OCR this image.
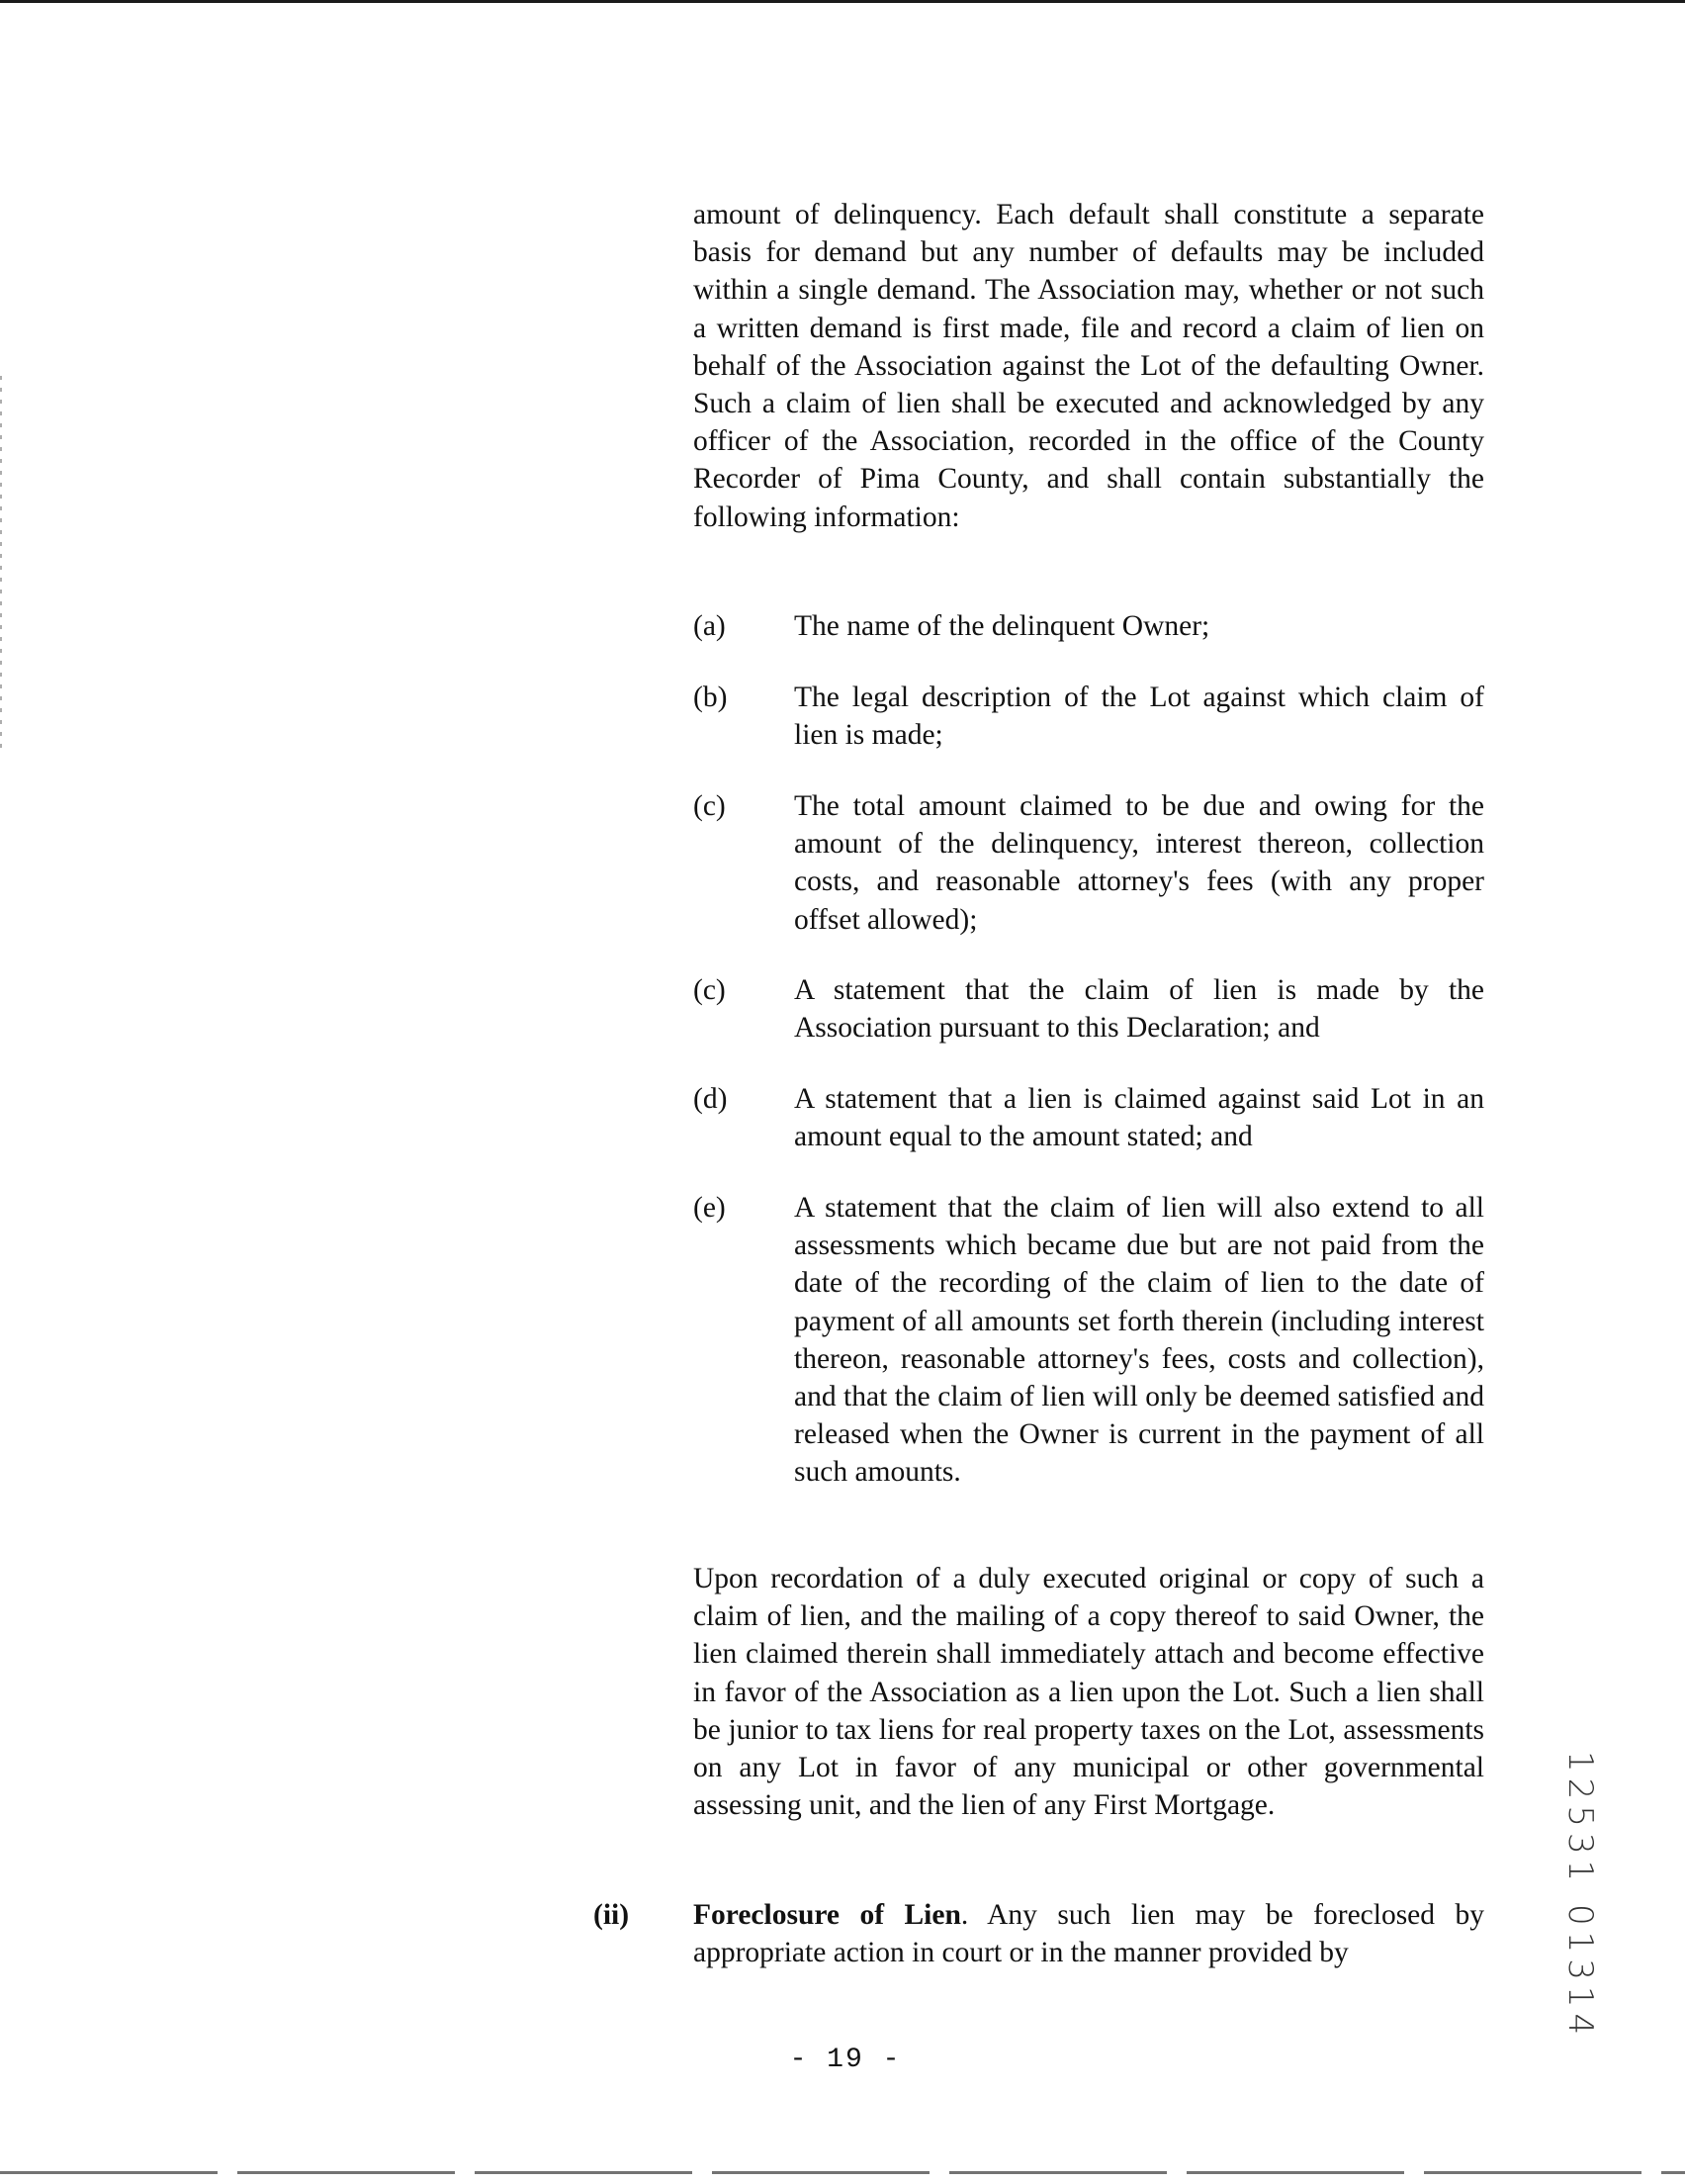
amount of delinquency. Each default shall constitute a separate basis for demand but any number of defaults may be included within a single demand. The Association may, whether or not such a written demand is first made, file and record a claim of lien on behalf of the Association against the Lot of the defaulting Owner. Such a claim of lien shall be executed and acknowledged by any officer of the Association, recorded in the office of the County Recorder of Pima County, and shall contain substantially the following information:

(a) The name of the delinquent Owner;
(b) The legal description of the Lot against which claim of lien is made;
(c) The total amount claimed to be due and owing for the amount of the delinquency, interest thereon, collection costs, and reasonable attorney's fees (with any proper offset allowed);
(c) A statement that the claim of lien is made by the Association pursuant to this Declaration; and
(d) A statement that a lien is claimed against said Lot in an amount equal to the amount stated; and
(e) A statement that the claim of lien will also extend to all assessments which became due but are not paid from the date of the recording of the claim of lien to the date of payment of all amounts set forth therein (including interest thereon, reasonable attorney's fees, costs and collection), and that the claim of lien will only be deemed satisfied and released when the Owner is current in the payment of all such amounts.

Upon recordation of a duly executed original or copy of such a claim of lien, and the mailing of a copy thereof to said Owner, the lien claimed therein shall immediately attach and become effective in favor of the Association as a lien upon the Lot. Such a lien shall be junior to tax liens for real property taxes on the Lot, assessments on any Lot in favor of any municipal or other governmental assessing unit, and the lien of any First Mortgage.

(ii) Foreclosure of Lien. Any such lien may be foreclosed by appropriate action in court or in the manner provided by	12531 01314
- 19 -
